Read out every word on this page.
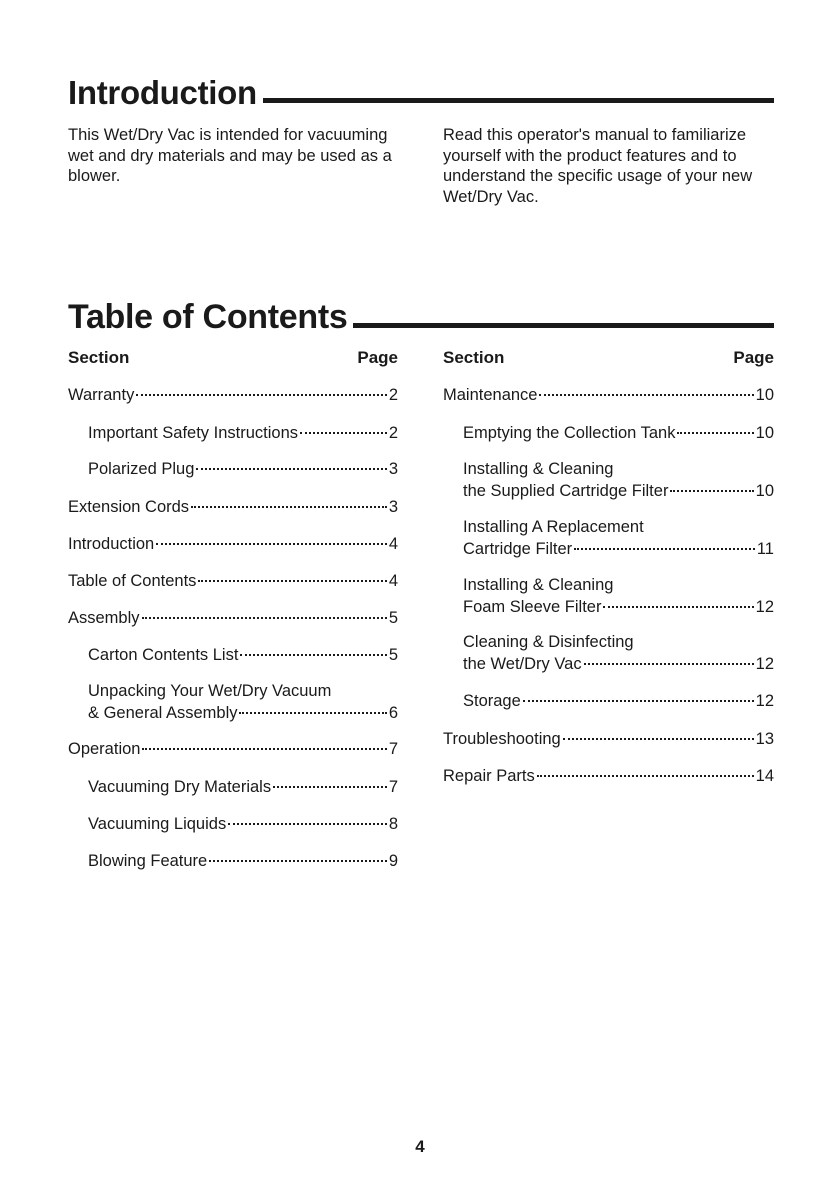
Introduction
This Wet/Dry Vac is intended for vacuuming wet and dry materials and may be used as a blower.
Read this operator's manual to familiarize yourself with the product features and to understand the specific usage of your new Wet/Dry Vac.
Table of Contents
Section	Page
Warranty	2
Important Safety Instructions	2
Polarized Plug	3
Extension Cords	3
Introduction	4
Table of Contents	4
Assembly	5
Carton Contents List	5
Unpacking Your Wet/Dry Vacuum
& General Assembly	6
Operation	7
Vacuuming Dry Materials	7
Vacuuming Liquids	8
Blowing Feature	9
Section	Page
Maintenance	10
Emptying the Collection Tank	10
Installing & Cleaning
the Supplied Cartridge Filter	10
Installing A Replacement
Cartridge Filter	11
Installing & Cleaning
Foam Sleeve Filter	12
Cleaning & Disinfecting
the Wet/Dry Vac	12
Storage	12
Troubleshooting	13
Repair Parts	14
4
